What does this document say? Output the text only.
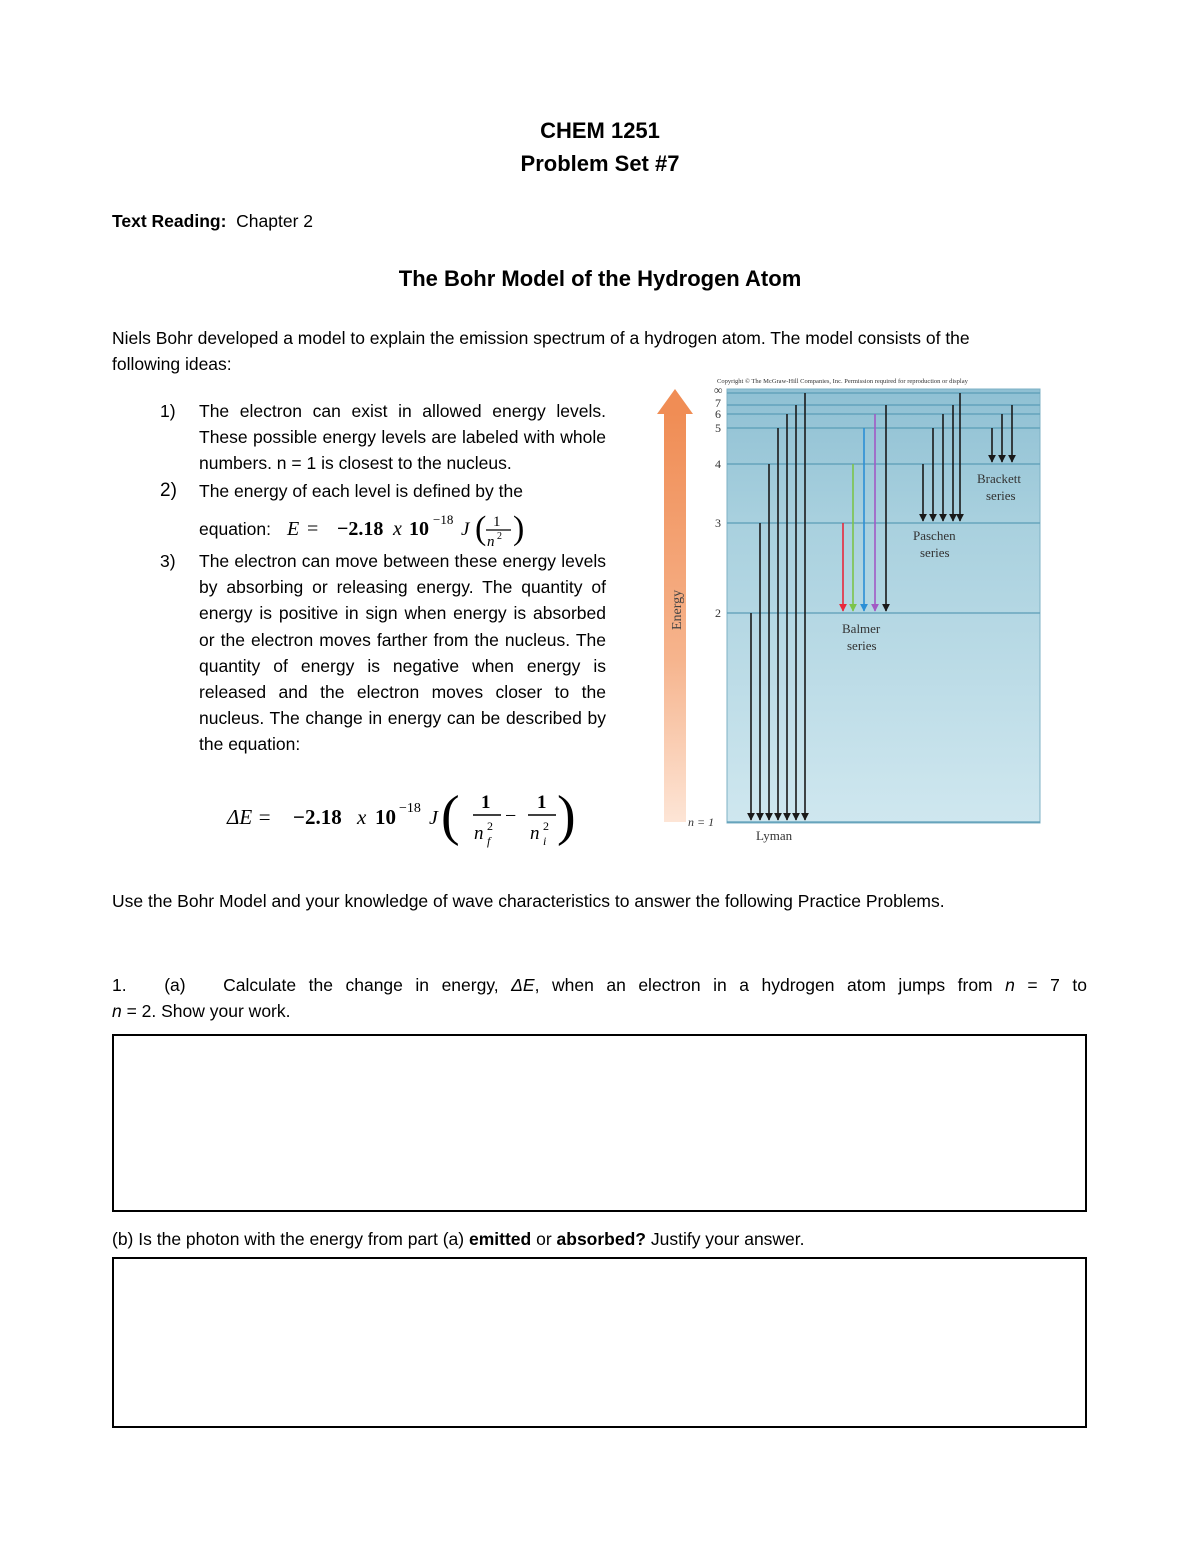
CHEM 1251
Problem Set #7
Text Reading: Chapter 2
The Bohr Model of the Hydrogen Atom
Niels Bohr developed a model to explain the emission spectrum of a hydrogen atom. The model consists of the
following ideas:
1)	The electron can exist in allowed energy levels. These possible energy levels are labeled with whole numbers. n = 1 is closest to the nucleus.
2)	The energy of each level is defined by the
equation: E = −2.18 x 10 −18 J ( 1
n 2 )
3)	The electron can move between these energy levels by absorbing or releasing energy. The quantity of energy is positive in sign when energy is absorbed or the electron moves farther from the nucleus. The quantity of energy is negative when energy is released and the electron moves closer to the nucleus. The change in energy can be described by the equation:
ΔE = −2.18 x 10 −18 J ( 1
n 2
f
−
1
n 2
i )
Copyright © The McGraw-Hill Companies, Inc. Permission required for reproduction or display
Energy
∞
7
6
5
4
3
2
n = 1
Lyman
Balmer
series
Paschen
series
Brackett
series
Use the Bohr Model and your knowledge of wave characteristics to answer the following Practice Problems.
1. (a) Calculate the change in energy, ΔE, when an electron in a hydrogen atom jumps from n = 7 to
n = 2. Show your work.
(b) Is the photon with the energy from part (a) emitted or absorbed? Justify your answer.
